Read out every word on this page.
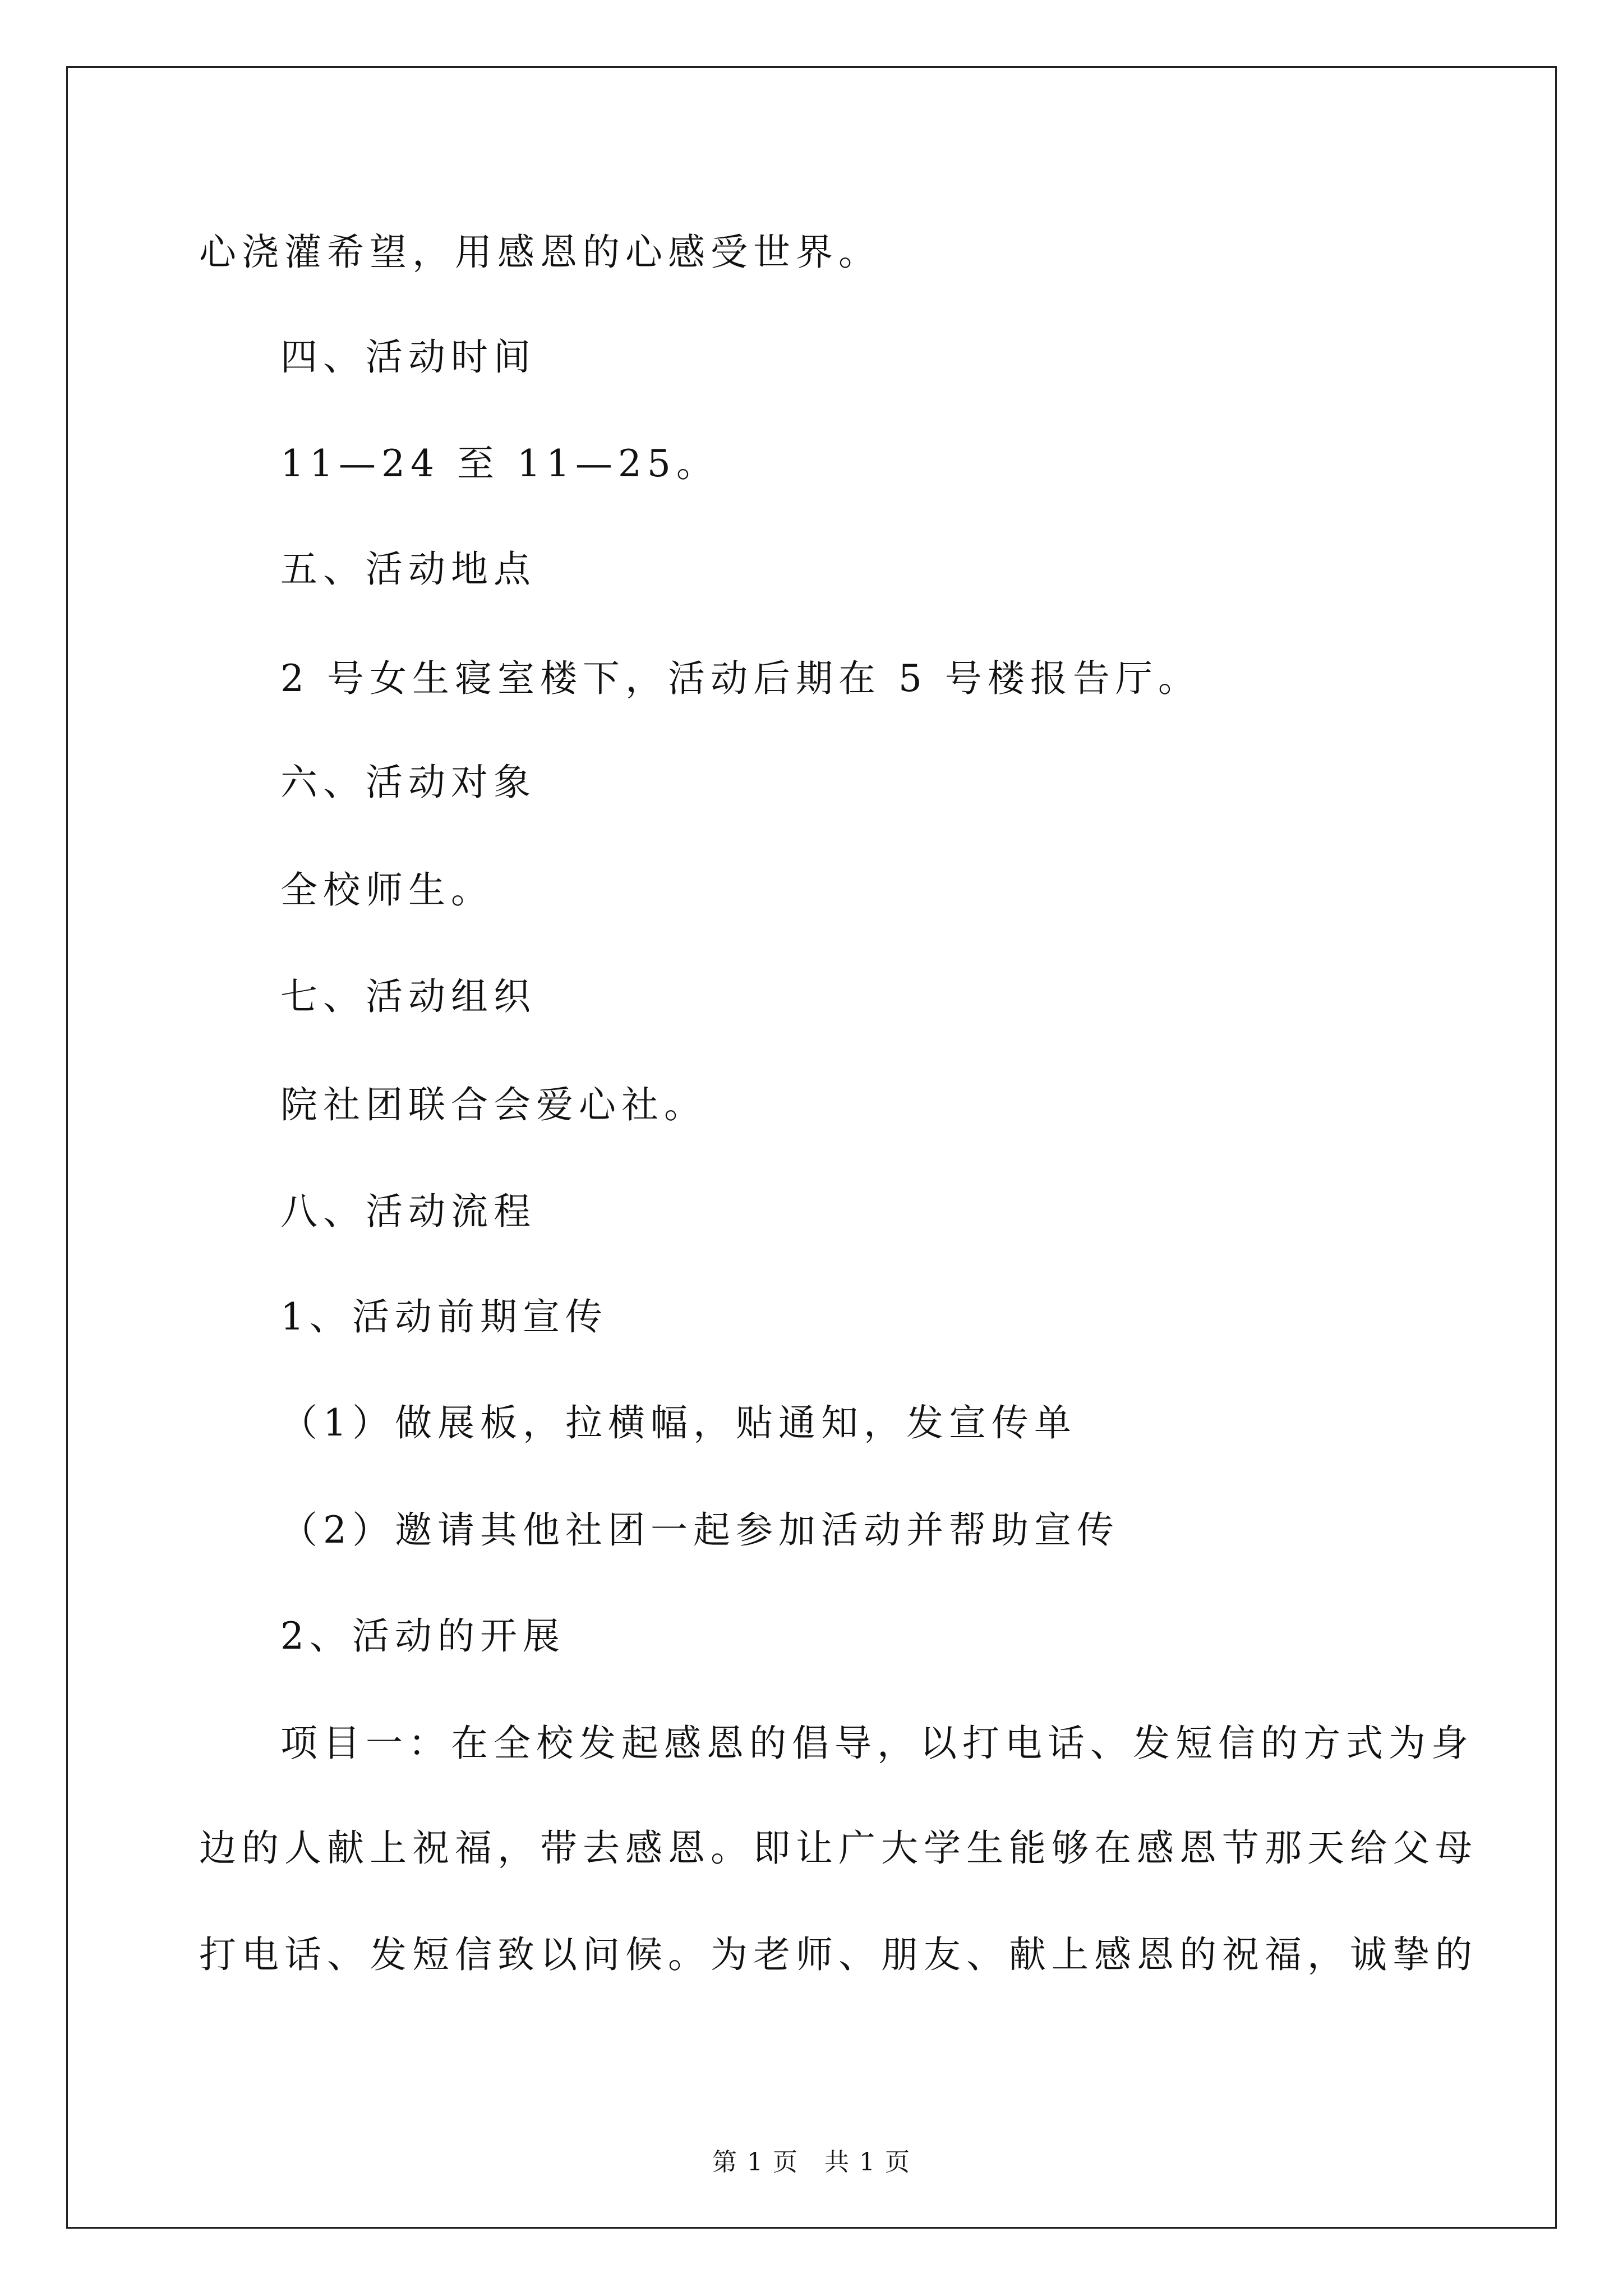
心浇灌希望，用感恩的心感受世界。
四、活动时间
11—24 至 11—25。
五、活动地点
2 号女生寝室楼下，活动后期在 5 号楼报告厅。
六、活动对象
全校师生。
七、活动组织
院社团联合会爱心社。
八、活动流程
1、活动前期宣传
（1）做展板，拉横幅，贴通知，发宣传单
（2）邀请其他社团一起参加活动并帮助宣传
2、活动的开展
项目一：在全校发起感恩的倡导，以打电话、发短信的方式为身
边的人献上祝福，带去感恩。即让广大学生能够在感恩节那天给父母
打电话、发短信致以问候。为老师、朋友、献上感恩的祝福，诚挚的
第 1 页　共 1 页
